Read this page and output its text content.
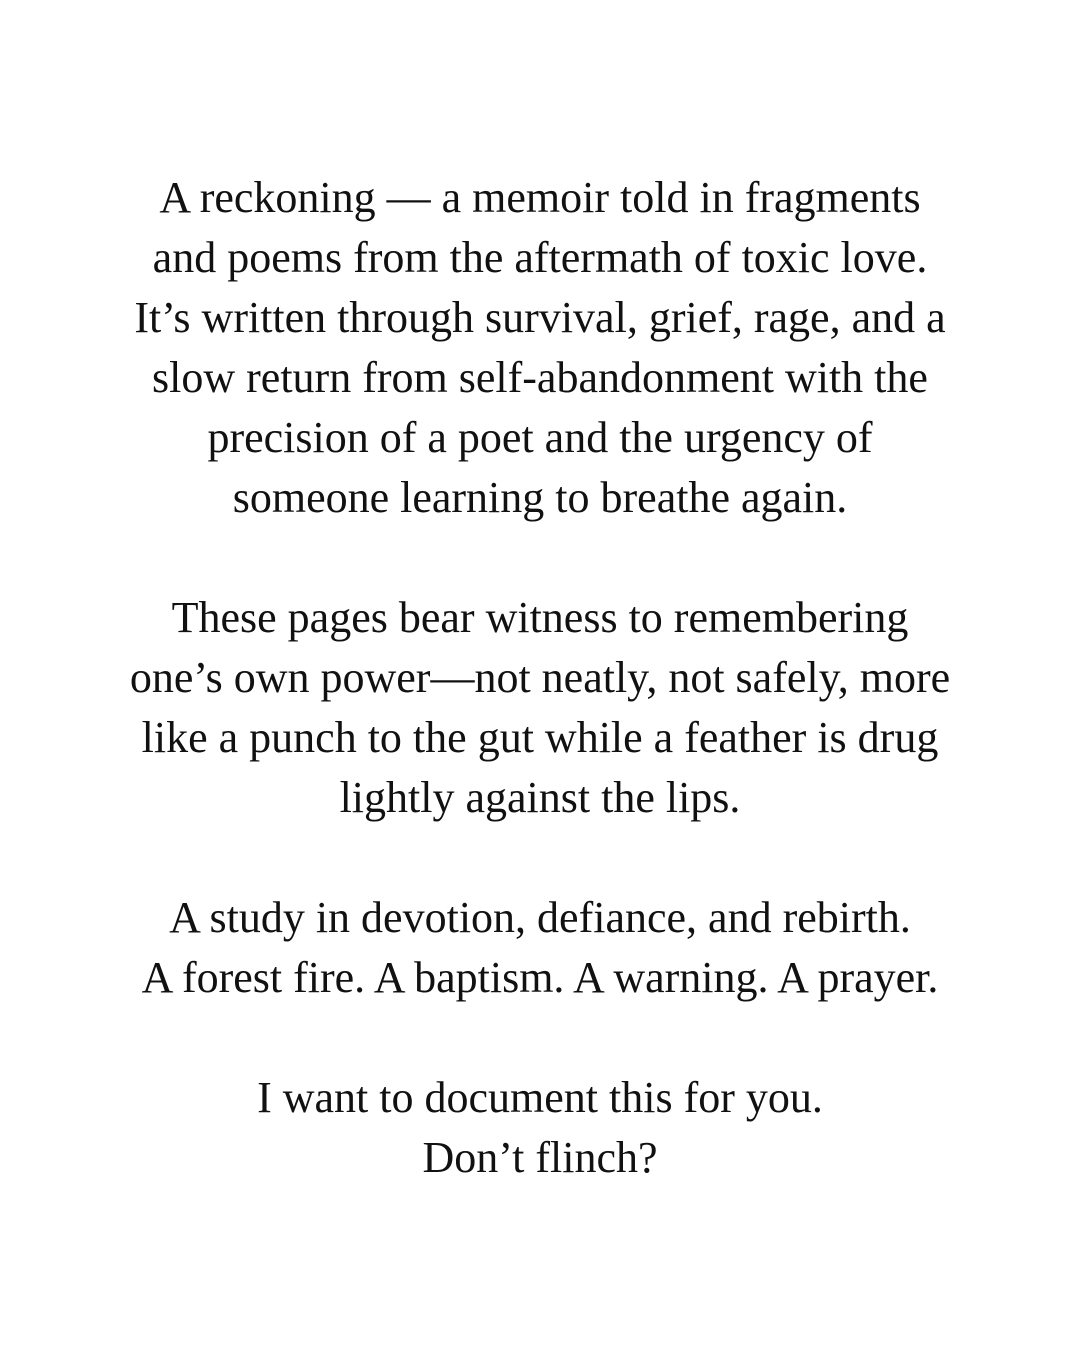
A reckoning — a memoir told in fragments
and poems from the aftermath of toxic love.
It’s written through survival, grief, rage, and a
slow return from self-abandonment with the
precision of a poet and the urgency of
someone learning to breathe again.

These pages bear witness to remembering
one’s own power—not neatly, not safely, more
like a punch to the gut while a feather is drug
lightly against the lips.

A study in devotion, defiance, and rebirth.
A forest fire. A baptism. A warning. A prayer.

I want to document this for you.
Don’t flinch?
